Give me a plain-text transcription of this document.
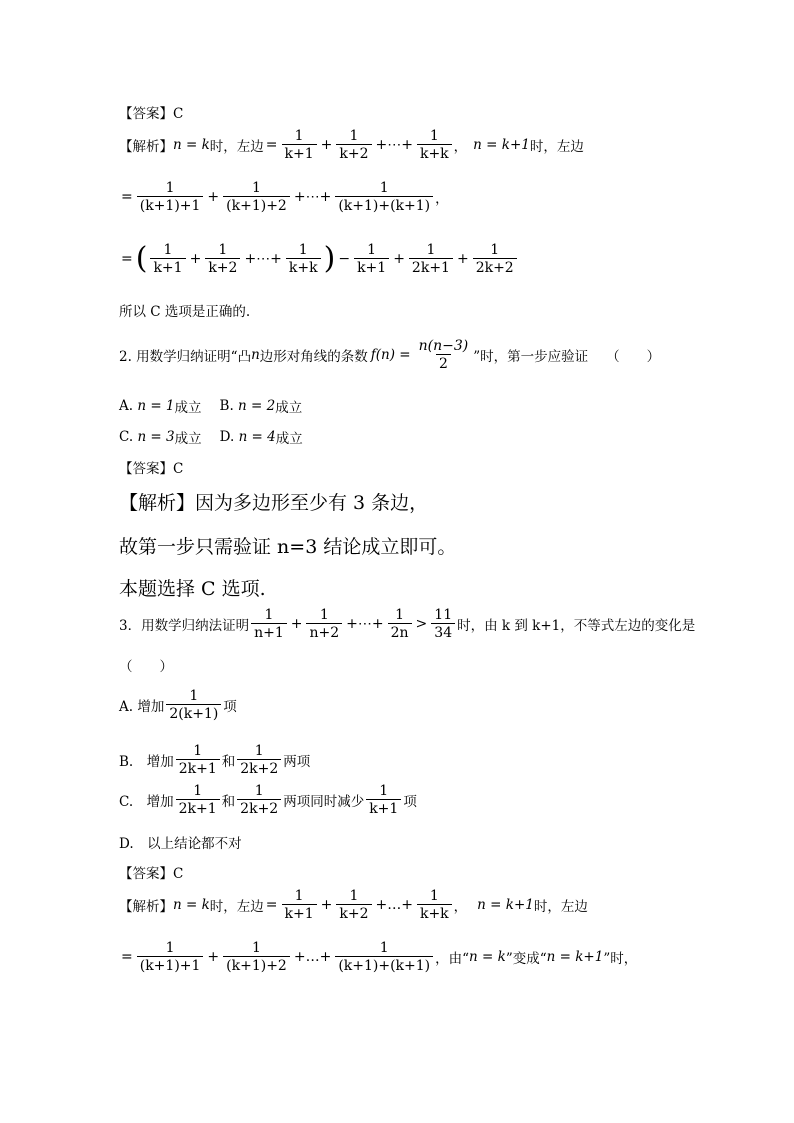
【答案】C
【解析】 n = k 时，左边 = $\frac{1}{k+1} + \frac{1}{k+2}$ +⋯+ $\frac{1}{k+k}$ ， n = k+1 时，左边
= $\frac{1}{(k+1)+1} + \frac{1}{(k+1)+2}$ +⋯+ $\frac{1}{(k+1)+(k+1)}$ ，
= ( $\frac{1}{k+1} + \frac{1}{k+2}$ +⋯+ $\frac{1}{k+k}$ ) − $\frac{1}{k+1} + \frac{1}{2k+1} + \frac{1}{2k+2}$
所以 C 选项是正确的.
2. 用数学归纳证明“凸 n 边形对角线的条数 $f(n) = \frac{n(n-3)}{2}$ ”时，第一步应验证 （　　）
A.
n = 1 成立 B.
n = 2 成立
C.
n = 3 成立 D.
n = 4 成立
【答案】C
【解析】因为多边形至少有 3 条边，
故第一步只需验证 n=3 结论成立即可。
本题选择 C 选项.
3．用数学归纳法证明 $\frac{1}{n+1} + \frac{1}{n+2}$ +⋯+ $\frac{1}{2n} > \frac{11}{34}$ 时，由 k 到 k+1，不等式左边的变化是
（　　）
A. 增加 $\frac{1}{2(k+1)}$ 项
B.　增加 $\frac{1}{2k+1}$ 和 $\frac{1}{2k+2}$ 两项
C.　增加 $\frac{1}{2k+1}$ 和 $\frac{1}{2k+2}$ 两项同时减少 $\frac{1}{k+1}$ 项
D.　以上结论都不对
【答案】C
【解析】 n = k 时，左边 = $\frac{1}{k+1} + \frac{1}{k+2}$ +…+ $\frac{1}{k+k}$ ， n = k+1 时，左边
= $\frac{1}{(k+1)+1} + \frac{1}{(k+1)+2}$ +…+ $\frac{1}{(k+1)+(k+1)}$ ，由“ n = k ”变成“ n = k+1 ”时，
